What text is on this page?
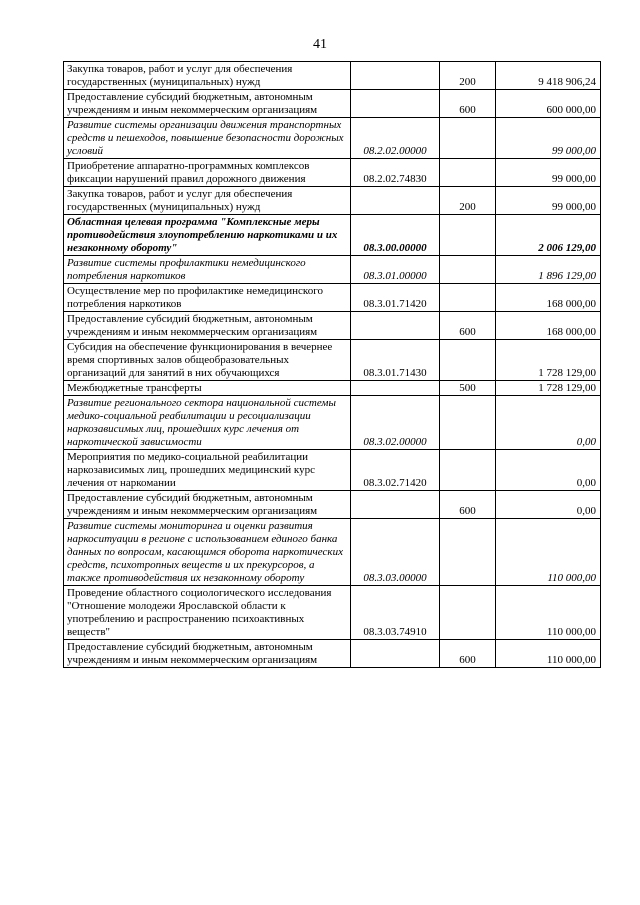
41
Закупка товаров, работ и услуг для обеспечения государственных (муниципальных) нужд		200	9 418 906,24
Предоставление субсидий бюджетным, автономным учреждениям и иным некоммерческим организациям		600	600 000,00
Развитие системы организации движения транспортных средств и пешеходов, повышение безопасности дорожных условий	08.2.02.00000		99 000,00
Приобретение аппаратно-программных комплексов фиксации нарушений правил дорожного движения	08.2.02.74830		99 000,00
Закупка товаров, работ и услуг для обеспечения государственных (муниципальных) нужд		200	99 000,00
Областная целевая программа "Комплексные меры противодействия злоупотреблению наркотиками и их незаконному обороту"	08.3.00.00000		2 006 129,00
Развитие системы профилактики немедицинского потребления наркотиков	08.3.01.00000		1 896 129,00
Осуществление мер по профилактике немедицинского потребления наркотиков	08.3.01.71420		168 000,00
Предоставление субсидий бюджетным, автономным учреждениям и иным некоммерческим организациям		600	168 000,00
Субсидия на обеспечение функционирования в вечернее время спортивных залов общеобразовательных организаций для занятий в них обучающихся	08.3.01.71430		1 728 129,00
Межбюджетные трансферты		500	1 728 129,00
Развитие регионального сектора национальной системы медико-социальной реабилитации и ресоциализации наркозависимых лиц, прошедших курс лечения от наркотической зависимости	08.3.02.00000		0,00
Мероприятия по медико-социальной реабилитации наркозависимых лиц, прошедших медицинский курс лечения от наркомании	08.3.02.71420		0,00
Предоставление субсидий бюджетным, автономным учреждениям и иным некоммерческим организациям		600	0,00
Развитие системы мониторинга и оценки развития наркоситуации в регионе с использованием единого банка данных по вопросам, касающимся оборота наркотических средств, психотропных веществ и их прекурсоров, а также противодействия их незаконному обороту	08.3.03.00000		110 000,00
Проведение областного социологического исследования "Отношение молодежи Ярославской области к употреблению и распространению психоактивных веществ"	08.3.03.74910		110 000,00
Предоставление субсидий бюджетным, автономным учреждениям и иным некоммерческим организациям		600	110 000,00
